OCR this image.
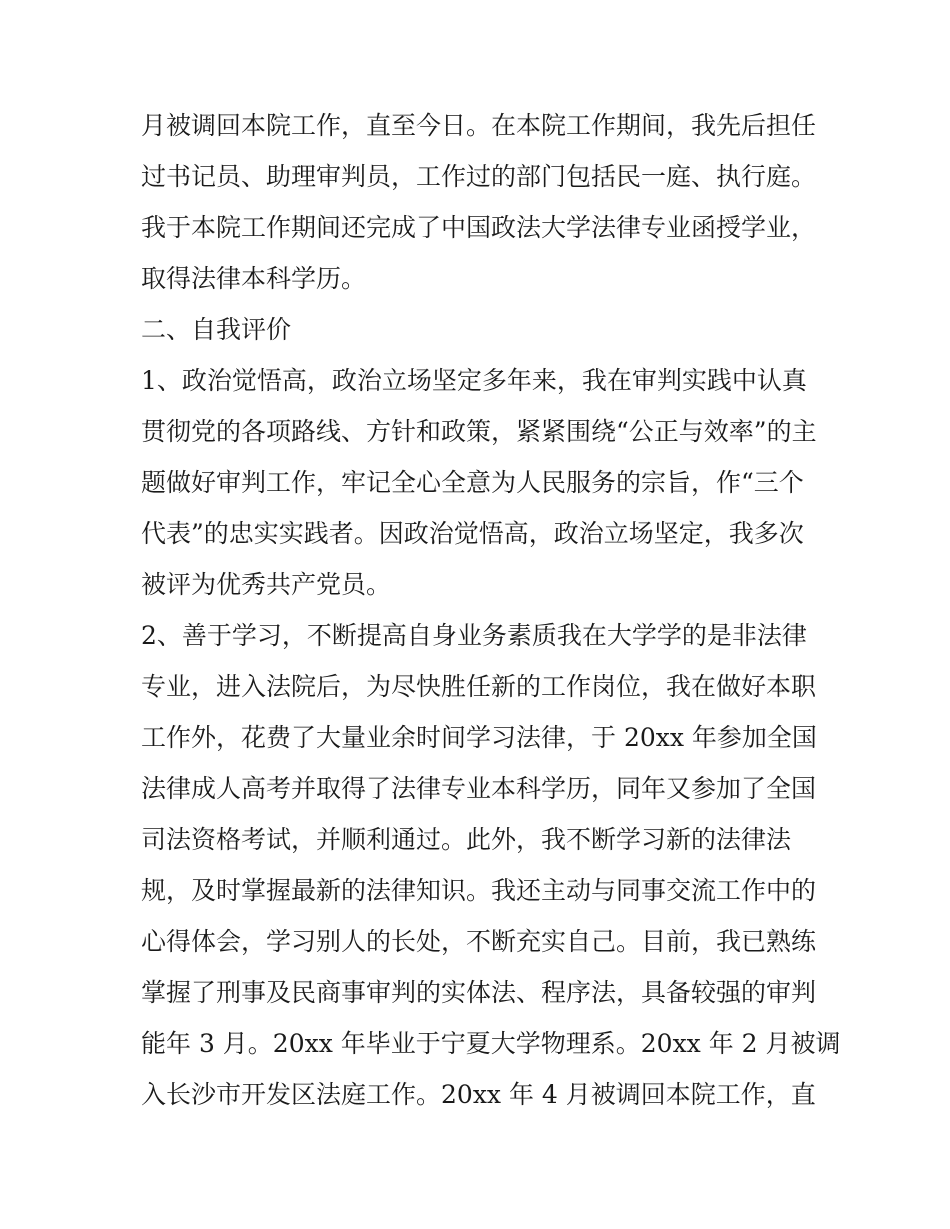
月被调回本院工作，直至今日。在本院工作期间，我先后担任
过书记员、助理审判员，工作过的部门包括民一庭、执行庭。
我于本院工作期间还完成了中国政法大学法律专业函授学业，
取得法律本科学历。
二、自我评价
1、政治觉悟高，政治立场坚定多年来，我在审判实践中认真
贯彻党的各项路线、方针和政策，紧紧围绕“公正与效率”的主
题做好审判工作，牢记全心全意为人民服务的宗旨，作“三个
代表”的忠实实践者。因政治觉悟高，政治立场坚定，我多次
被评为优秀共产党员。
2、善于学习，不断提高自身业务素质我在大学学的是非法律
专业，进入法院后，为尽快胜任新的工作岗位，我在做好本职
工作外，花费了大量业余时间学习法律，于 20xx 年参加全国
法律成人高考并取得了法律专业本科学历，同年又参加了全国
司法资格考试，并顺利通过。此外，我不断学习新的法律法
规，及时掌握最新的法律知识。我还主动与同事交流工作中的
心得体会，学习别人的长处，不断充实自己。目前，我已熟练
掌握了刑事及民商事审判的实体法、程序法，具备较强的审判
能年 3 月。20xx 年毕业于宁夏大学物理系。20xx 年 2 月被调
入长沙市开发区法庭工作。20xx 年 4 月被调回本院工作，直
